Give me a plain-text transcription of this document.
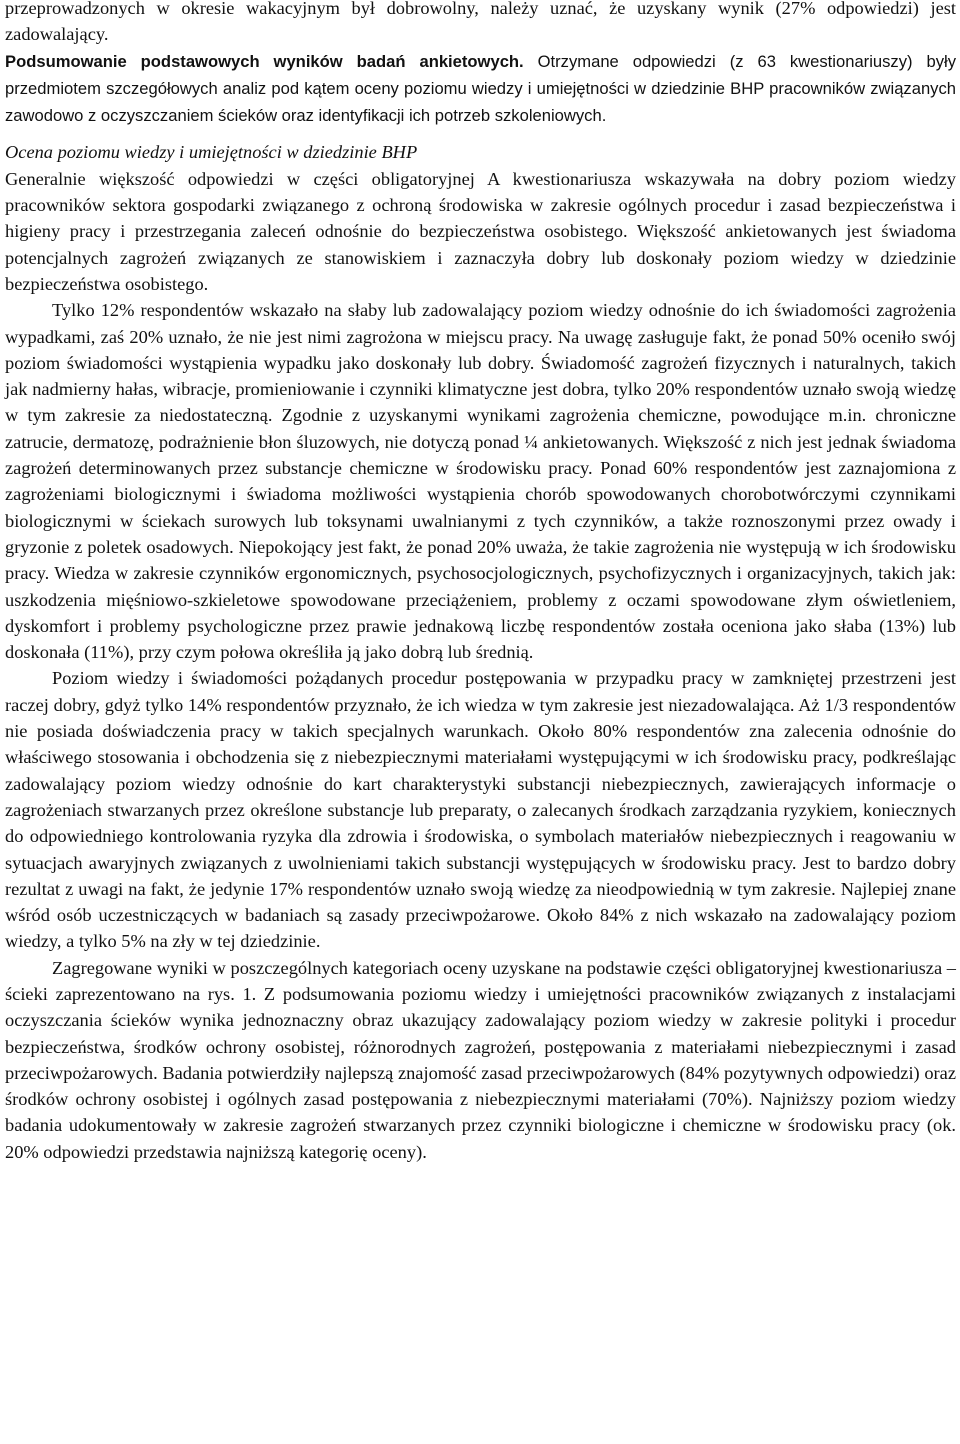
przeprowadzonych w okresie wakacyjnym był dobrowolny, należy uznać, że uzyskany wynik (27% odpowiedzi) jest zadowalający.

Podsumowanie podstawowych wyników badań ankietowych. Otrzymane odpowiedzi (z 63 kwestionariuszy) były przedmiotem szczegółowych analiz pod kątem oceny poziomu wiedzy i umiejętności w dziedzinie BHP pracowników związanych zawodowo z oczyszczaniem ścieków oraz identyfikacji ich potrzeb szkoleniowych.

Ocena poziomu wiedzy i umiejętności w dziedzinie BHP

Generalnie większość odpowiedzi w części obligatoryjnej A kwestionariusza wskazywała na dobry poziom wiedzy pracowników sektora gospodarki związanego z ochroną środowiska w zakresie ogólnych procedur i zasad bezpieczeństwa i higieny pracy i przestrzegania zaleceń odnośnie do bezpieczeństwa osobistego. Większość ankietowanych jest świadoma potencjalnych zagrożeń związanych ze stanowiskiem i zaznaczyła dobry lub doskonały poziom wiedzy w dziedzinie bezpieczeństwa osobistego.

Tylko 12% respondentów wskazało na słaby lub zadowalający poziom wiedzy odnośnie do ich świadomości zagrożenia wypadkami, zaś 20% uznało, że nie jest nimi zagrożona w miejscu pracy. Na uwagę zasługuje fakt, że ponad 50% oceniło swój poziom świadomości wystąpienia wypadku jako doskonały lub dobry. Świadomość zagrożeń fizycznych i naturalnych, takich jak nadmierny hałas, wibracje, promieniowanie i czynniki klimatyczne jest dobra, tylko 20% respondentów uznało swoją wiedzę w tym zakresie za niedostateczną. Zgodnie z uzyskanymi wynikami zagrożenia chemiczne, powodujące m.in. chroniczne zatrucie, dermatozę, podrażnienie błon śluzowych, nie dotyczą ponad ¼ ankietowanych. Większość z nich jest jednak świadoma zagrożeń determinowanych przez substancje chemiczne w środowisku pracy. Ponad 60% respondentów jest zaznajomiona z zagrożeniami biologicznymi i świadoma możliwości wystąpienia chorób spowodowanych chorobotwórczymi czynnikami biologicznymi w ściekach surowych lub toksynami uwalnianymi z tych czynników, a także roznoszonymi przez owady i gryzonie z poletek osadowych. Niepokojący jest fakt, że ponad 20% uważa, że takie zagrożenia nie występują w ich środowisku pracy. Wiedza w zakresie czynników ergonomicznych, psychosocjologicznych, psychofizycznych i organizacyjnych, takich jak: uszkodzenia mięśniowo-szkieletowe spowodowane przeciążeniem, problemy z oczami spowodowane złym oświetleniem, dyskomfort i problemy psychologiczne przez prawie jednakową liczbę respondentów została oceniona jako słaba (13%) lub doskonała (11%), przy czym połowa określiła ją jako dobrą lub średnią.

Poziom wiedzy i świadomości pożądanych procedur postępowania w przypadku pracy w zamkniętej przestrzeni jest raczej dobry, gdyż tylko 14% respondentów przyznało, że ich wiedza w tym zakresie jest niezadowalająca. Aż 1/3 respondentów nie posiada doświadczenia pracy w takich specjalnych warunkach. Około 80% respondentów zna zalecenia odnośnie do właściwego stosowania i obchodzenia się z niebezpiecznymi materiałami występującymi w ich środowisku pracy, podkreślając zadowalający poziom wiedzy odnośnie do kart charakterystyki substancji niebezpiecznych, zawierających informacje o zagrożeniach stwarzanych przez określone substancje lub preparaty, o zalecanych środkach zarządzania ryzykiem, koniecznych do odpowiedniego kontrolowania ryzyka dla zdrowia i środowiska, o symbolach materiałów niebezpiecznych i reagowaniu w sytuacjach awaryjnych związanych z uwolnieniami takich substancji występujących w środowisku pracy. Jest to bardzo dobry rezultat z uwagi na fakt, że jedynie 17% respondentów uznało swoją wiedzę za nieodpowiednią w tym zakresie. Najlepiej znane wśród osób uczestniczących w badaniach są zasady przeciwpożarowe. Około 84% z nich wskazało na zadowalający poziom wiedzy, a tylko 5% na zły w tej dziedzinie.

Zagregowane wyniki w poszczególnych kategoriach oceny uzyskane na podstawie części obligatoryjnej kwestionariusza – ścieki zaprezentowano na rys. 1. Z podsumowania poziomu wiedzy i umiejętności pracowników związanych z instalacjami oczyszczania ścieków wynika jednoznaczny obraz ukazujący zadowalający poziom wiedzy w zakresie polityki i procedur bezpieczeństwa, środków ochrony osobistej, różnorodnych zagrożeń, postępowania z materiałami niebezpiecznymi i zasad przeciwpożarowych. Badania potwierdziły najlepszą znajomość zasad przeciwpożarowych (84% pozytywnych odpowiedzi) oraz środków ochrony osobistej i ogólnych zasad postępowania z niebezpiecznymi materiałami (70%). Najniższy poziom wiedzy badania udokumentowały w zakresie zagrożeń stwarzanych przez czynniki biologiczne i chemiczne w środowisku pracy (ok. 20% odpowiedzi przedstawia najniższą kategorię oceny).
